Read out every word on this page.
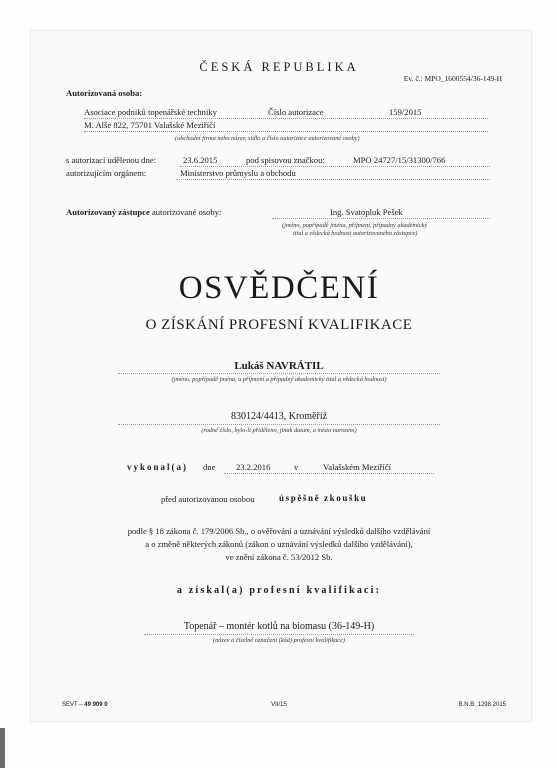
ČESKÁ REPUBLIKA
Ev. č.: MPO_1600554/36-149-H
Autorizovaná osoba:
Asociace podniků topenářské techniky	Číslo autorizace	159/2015
M. Alše 822, 75701 Valašské Meziříčí
(obchodní firma nebo název, sídlo a číslo autorizace autorizované osoby)
s autorizací udělenou dne:	23.6.2015	pod spisovou značkou:	MPO 24727/15/31300/766
autorizujícím orgánem:	Ministerstvo průmyslu a obchodu
Autorizovaný zástupce autorizované osoby:	Ing. Svatopluk Pešek
(jméno, popřípadě jména, příjmení, případný akademický
titul a vědecká hodnost autorizovaného zástupce)
OSVĚDČENÍ
O ZÍSKÁNÍ PROFESNÍ KVALIFIKACE
Lukáš NAVRÁTIL
(jméno, popřípadě jména, a příjmení a případný akademický titul a vědecká hodnost)
830124/4413, Kroměříž
(rodné číslo, bylo-li přiděleno, jinak datum, a místo narození)
vykonal(a) dne 23.2.2016	v	Valašském Meziříčí
před autorizovanou osobou	úspěšně zkoušku
podle § 18 zákona č. 179/2006 Sb., o ověřování a uznávání výsledků dalšího vzdělávání
a o změně některých zákonů (zákon o uznávání výsledků dalšího vzdělávání),
ve znění zákona č. 53/2012 Sb.
a získal(a) profesní kvalifikaci:
Topenář – montér kotlů na biomasu (36-149-H)
(název a číselné označení (kód) profesní kvalifikace)
SEVT – 49 909 0	VII/15	B.N.B. 1298 2015
